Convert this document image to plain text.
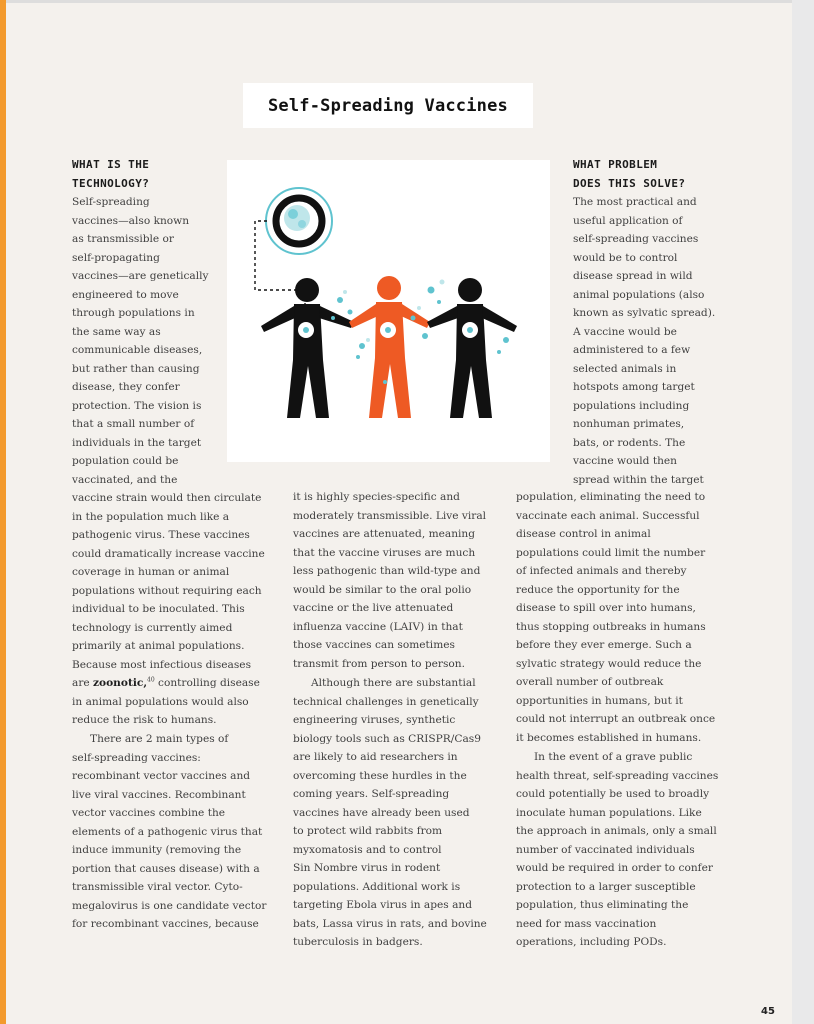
Self-Spreading Vaccines
WHAT IS THE
TECHNOLOGY?
Self-spreading
vaccines—also known
as transmissible or
self-propagating
vaccines—are genetically
engineered to move
through populations in
the same way as
communicable diseases,
but rather than causing
disease, they confer
protection. The vision is
that a small number of
individuals in the target
population could be
vaccinated, and the
vaccine strain would then circulate
in the population much like a
pathogenic virus. These vaccines
could dramatically increase vaccine
coverage in human or animal
populations without requiring each
individual to be inoculated. This
technology is currently aimed
primarily at animal populations.
Because most infectious diseases
are zoonotic,$^{40}$ controlling disease
in animal populations would also
reduce the risk to humans.
There are 2 main types of
self-spreading vaccines:
recombinant vector vaccines and
live viral vaccines. Recombinant
vector vaccines combine the
elements of a pathogenic virus that
induce immunity (removing the
portion that causes disease) with a
transmissible viral vector. Cyto-
megalovirus is one candidate vector
for recombinant vaccines, because
it is highly species-specific and
moderately transmissible. Live viral
vaccines are attenuated, meaning
that the vaccine viruses are much
less pathogenic than wild-type and
would be similar to the oral polio
vaccine or the live attenuated
influenza vaccine (LAIV) in that
those vaccines can sometimes
transmit from person to person.
Although there are substantial
technical challenges in genetically
engineering viruses, synthetic
biology tools such as CRISPR/Cas9
are likely to aid researchers in
overcoming these hurdles in the
coming years. Self-spreading
vaccines have already been used
to protect wild rabbits from
myxomatosis and to control
Sin Nombre virus in rodent
populations. Additional work is
targeting Ebola virus in apes and
bats, Lassa virus in rats, and bovine
tuberculosis in badgers.
WHAT PROBLEM
DOES THIS SOLVE?
The most practical and
useful application of
self-spreading vaccines
would be to control
disease spread in wild
animal populations (also
known as sylvatic spread).
A vaccine would be
administered to a few
selected animals in
hotspots among target
populations including
nonhuman primates,
bats, or rodents. The
vaccine would then
spread within the target
population, eliminating the need to
vaccinate each animal. Successful
disease control in animal
populations could limit the number
of infected animals and thereby
reduce the opportunity for the
disease to spill over into humans,
thus stopping outbreaks in humans
before they ever emerge. Such a
sylvatic strategy would reduce the
overall number of outbreak
opportunities in humans, but it
could not interrupt an outbreak once
it becomes established in humans.
In the event of a grave public
health threat, self-spreading vaccines
could potentially be used to broadly
inoculate human populations. Like
the approach in animals, only a small
number of vaccinated individuals
would be required in order to confer
protection to a larger susceptible
population, thus eliminating the
need for mass vaccination
operations, including PODs.
45
